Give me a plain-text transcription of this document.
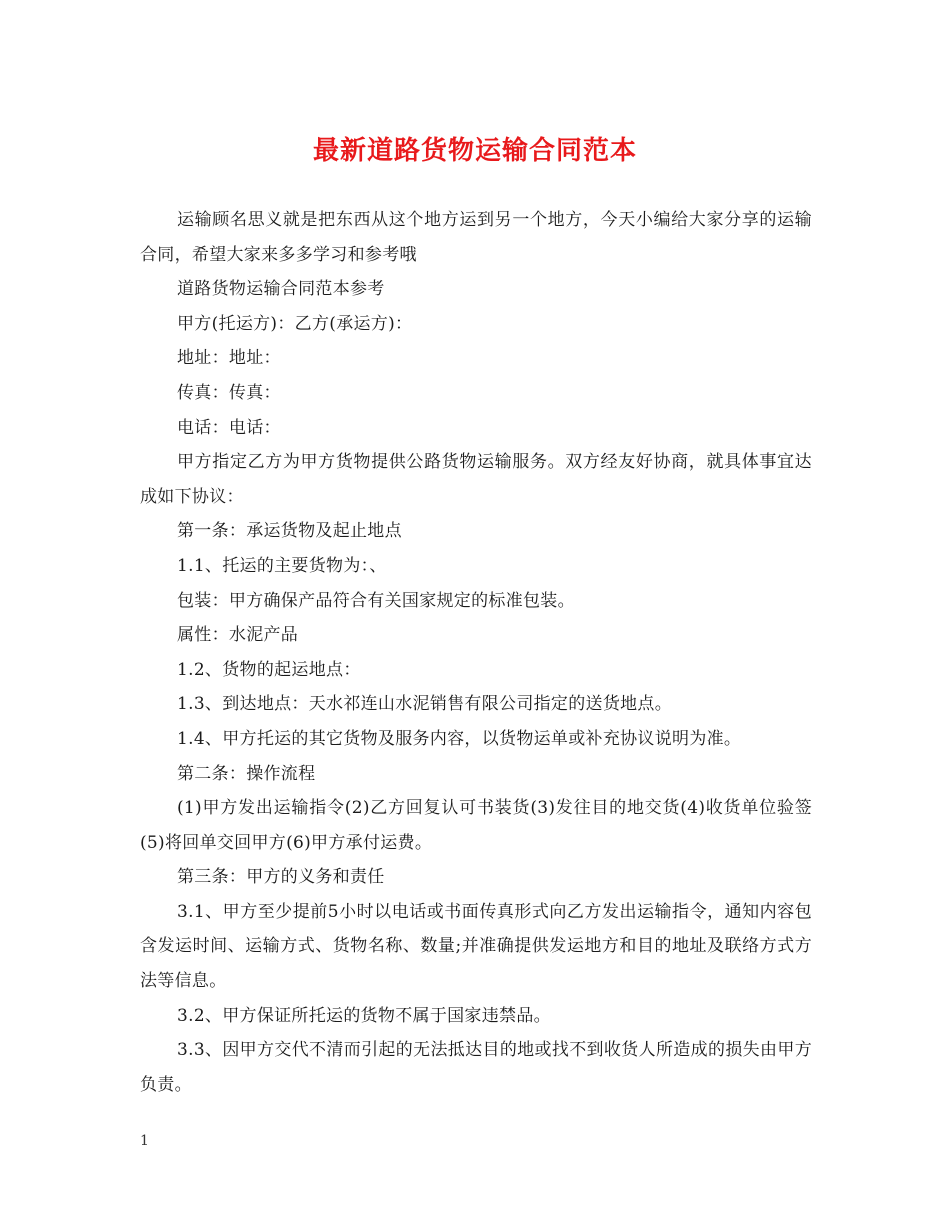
最新道路货物运输合同范本

运输顾名思义就是把东西从这个地方运到另一个地方，今天小编给大家分享的运输合同，希望大家来多多学习和参考哦

道路货物运输合同范本参考

甲方(托运方)：乙方(承运方)：

地址：地址：

传真：传真：

电话：电话：

甲方指定乙方为甲方货物提供公路货物运输服务。双方经友好协商，就具体事宜达成如下协议：

第一条：承运货物及起止地点

1.1、托运的主要货物为：、

包装：甲方确保产品符合有关国家规定的标准包装。

属性：水泥产品

1.2、货物的起运地点：

1.3、到达地点：天水祁连山水泥销售有限公司指定的送货地点。

1.4、甲方托运的其它货物及服务内容，以货物运单或补充协议说明为准。

第二条：操作流程

(1)甲方发出运输指令(2)乙方回复认可书装货(3)发往目的地交货(4)收货单位验签(5)将回单交回甲方(6)甲方承付运费。

第三条：甲方的义务和责任

3.1、甲方至少提前5小时以电话或书面传真形式向乙方发出运输指令，通知内容包含发运时间、运输方式、货物名称、数量;并准确提供发运地方和目的地址及联络方式方法等信息。

3.2、甲方保证所托运的货物不属于国家违禁品。

3.3、因甲方交代不清而引起的无法抵达目的地或找不到收货人所造成的损失由甲方负责。

1
